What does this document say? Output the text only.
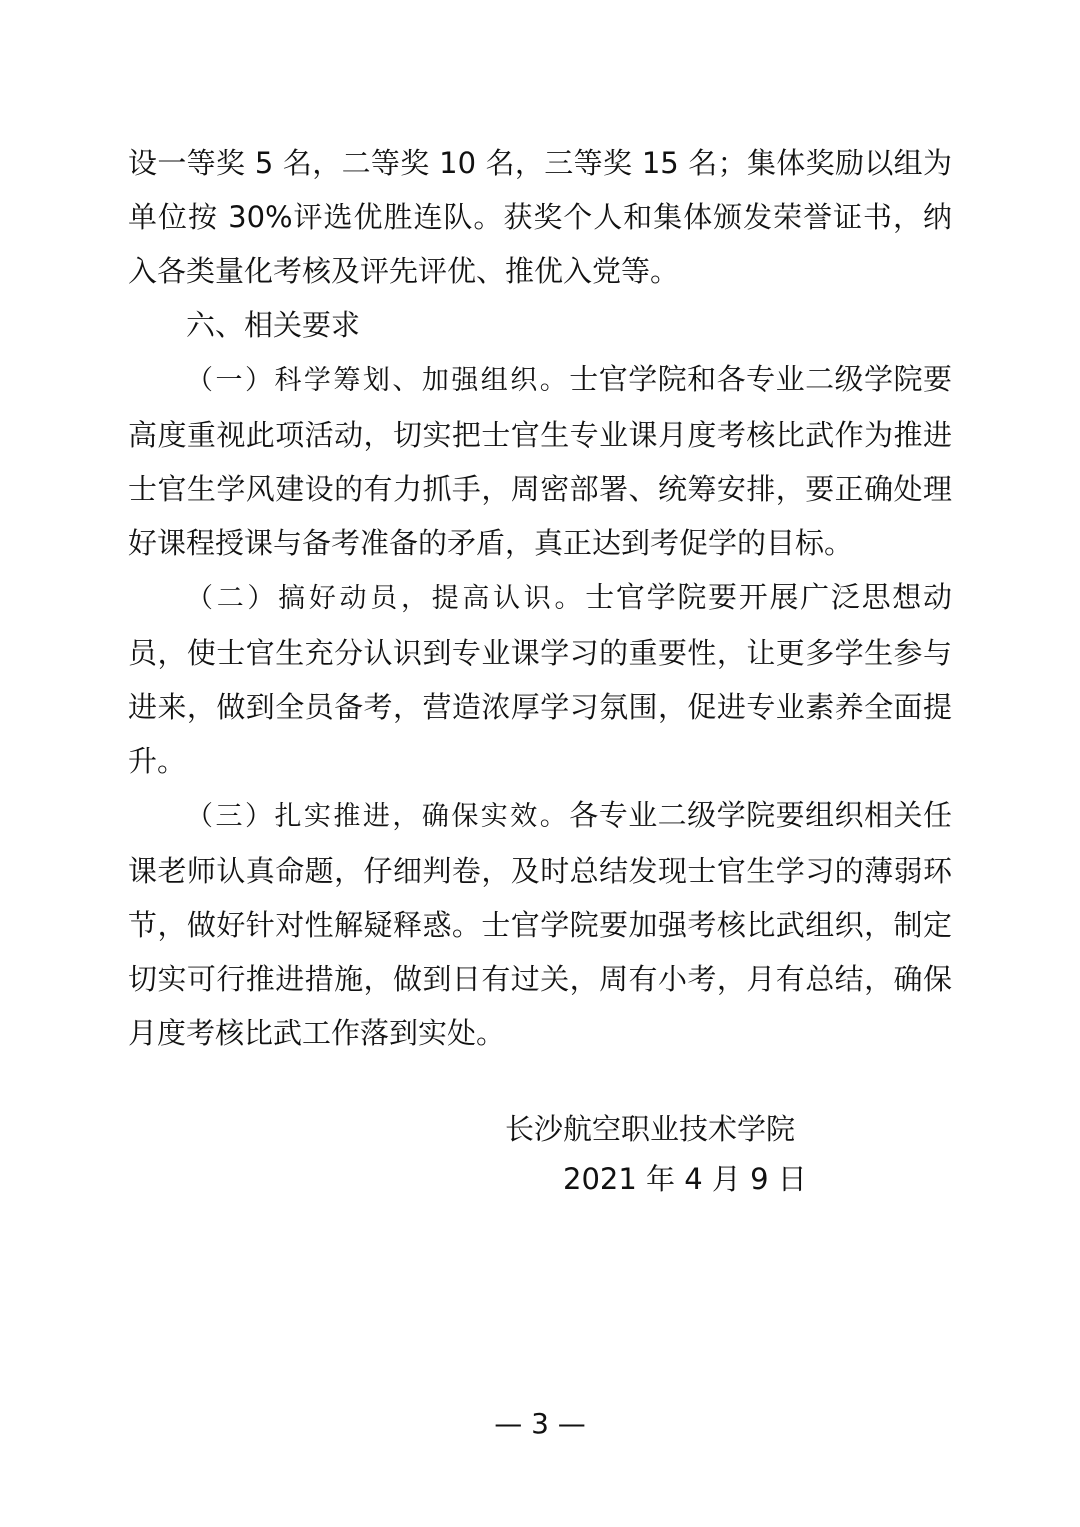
设一等奖 5 名，二等奖 10 名，三等奖 15 名；集体奖励以组为单位按 30%评选优胜连队。获奖个人和集体颁发荣誉证书，纳入各类量化考核及评先评优、推优入党等。

六、相关要求

（一）科学筹划、加强组织。士官学院和各专业二级学院要高度重视此项活动，切实把士官生专业课月度考核比武作为推进士官生学风建设的有力抓手，周密部署、统筹安排，要正确处理好课程授课与备考准备的矛盾，真正达到考促学的目标。

（二）搞好动员，提高认识。士官学院要开展广泛思想动员，使士官生充分认识到专业课学习的重要性，让更多学生参与进来，做到全员备考，营造浓厚学习氛围，促进专业素养全面提升。

（三）扎实推进，确保实效。各专业二级学院要组织相关任课老师认真命题，仔细判卷，及时总结发现士官生学习的薄弱环节，做好针对性解疑释惑。士官学院要加强考核比武组织，制定切实可行推进措施，做到日有过关，周有小考，月有总结，确保月度考核比武工作落到实处。

长沙航空职业技术学院
2021 年 4 月 9 日
— 3 —
